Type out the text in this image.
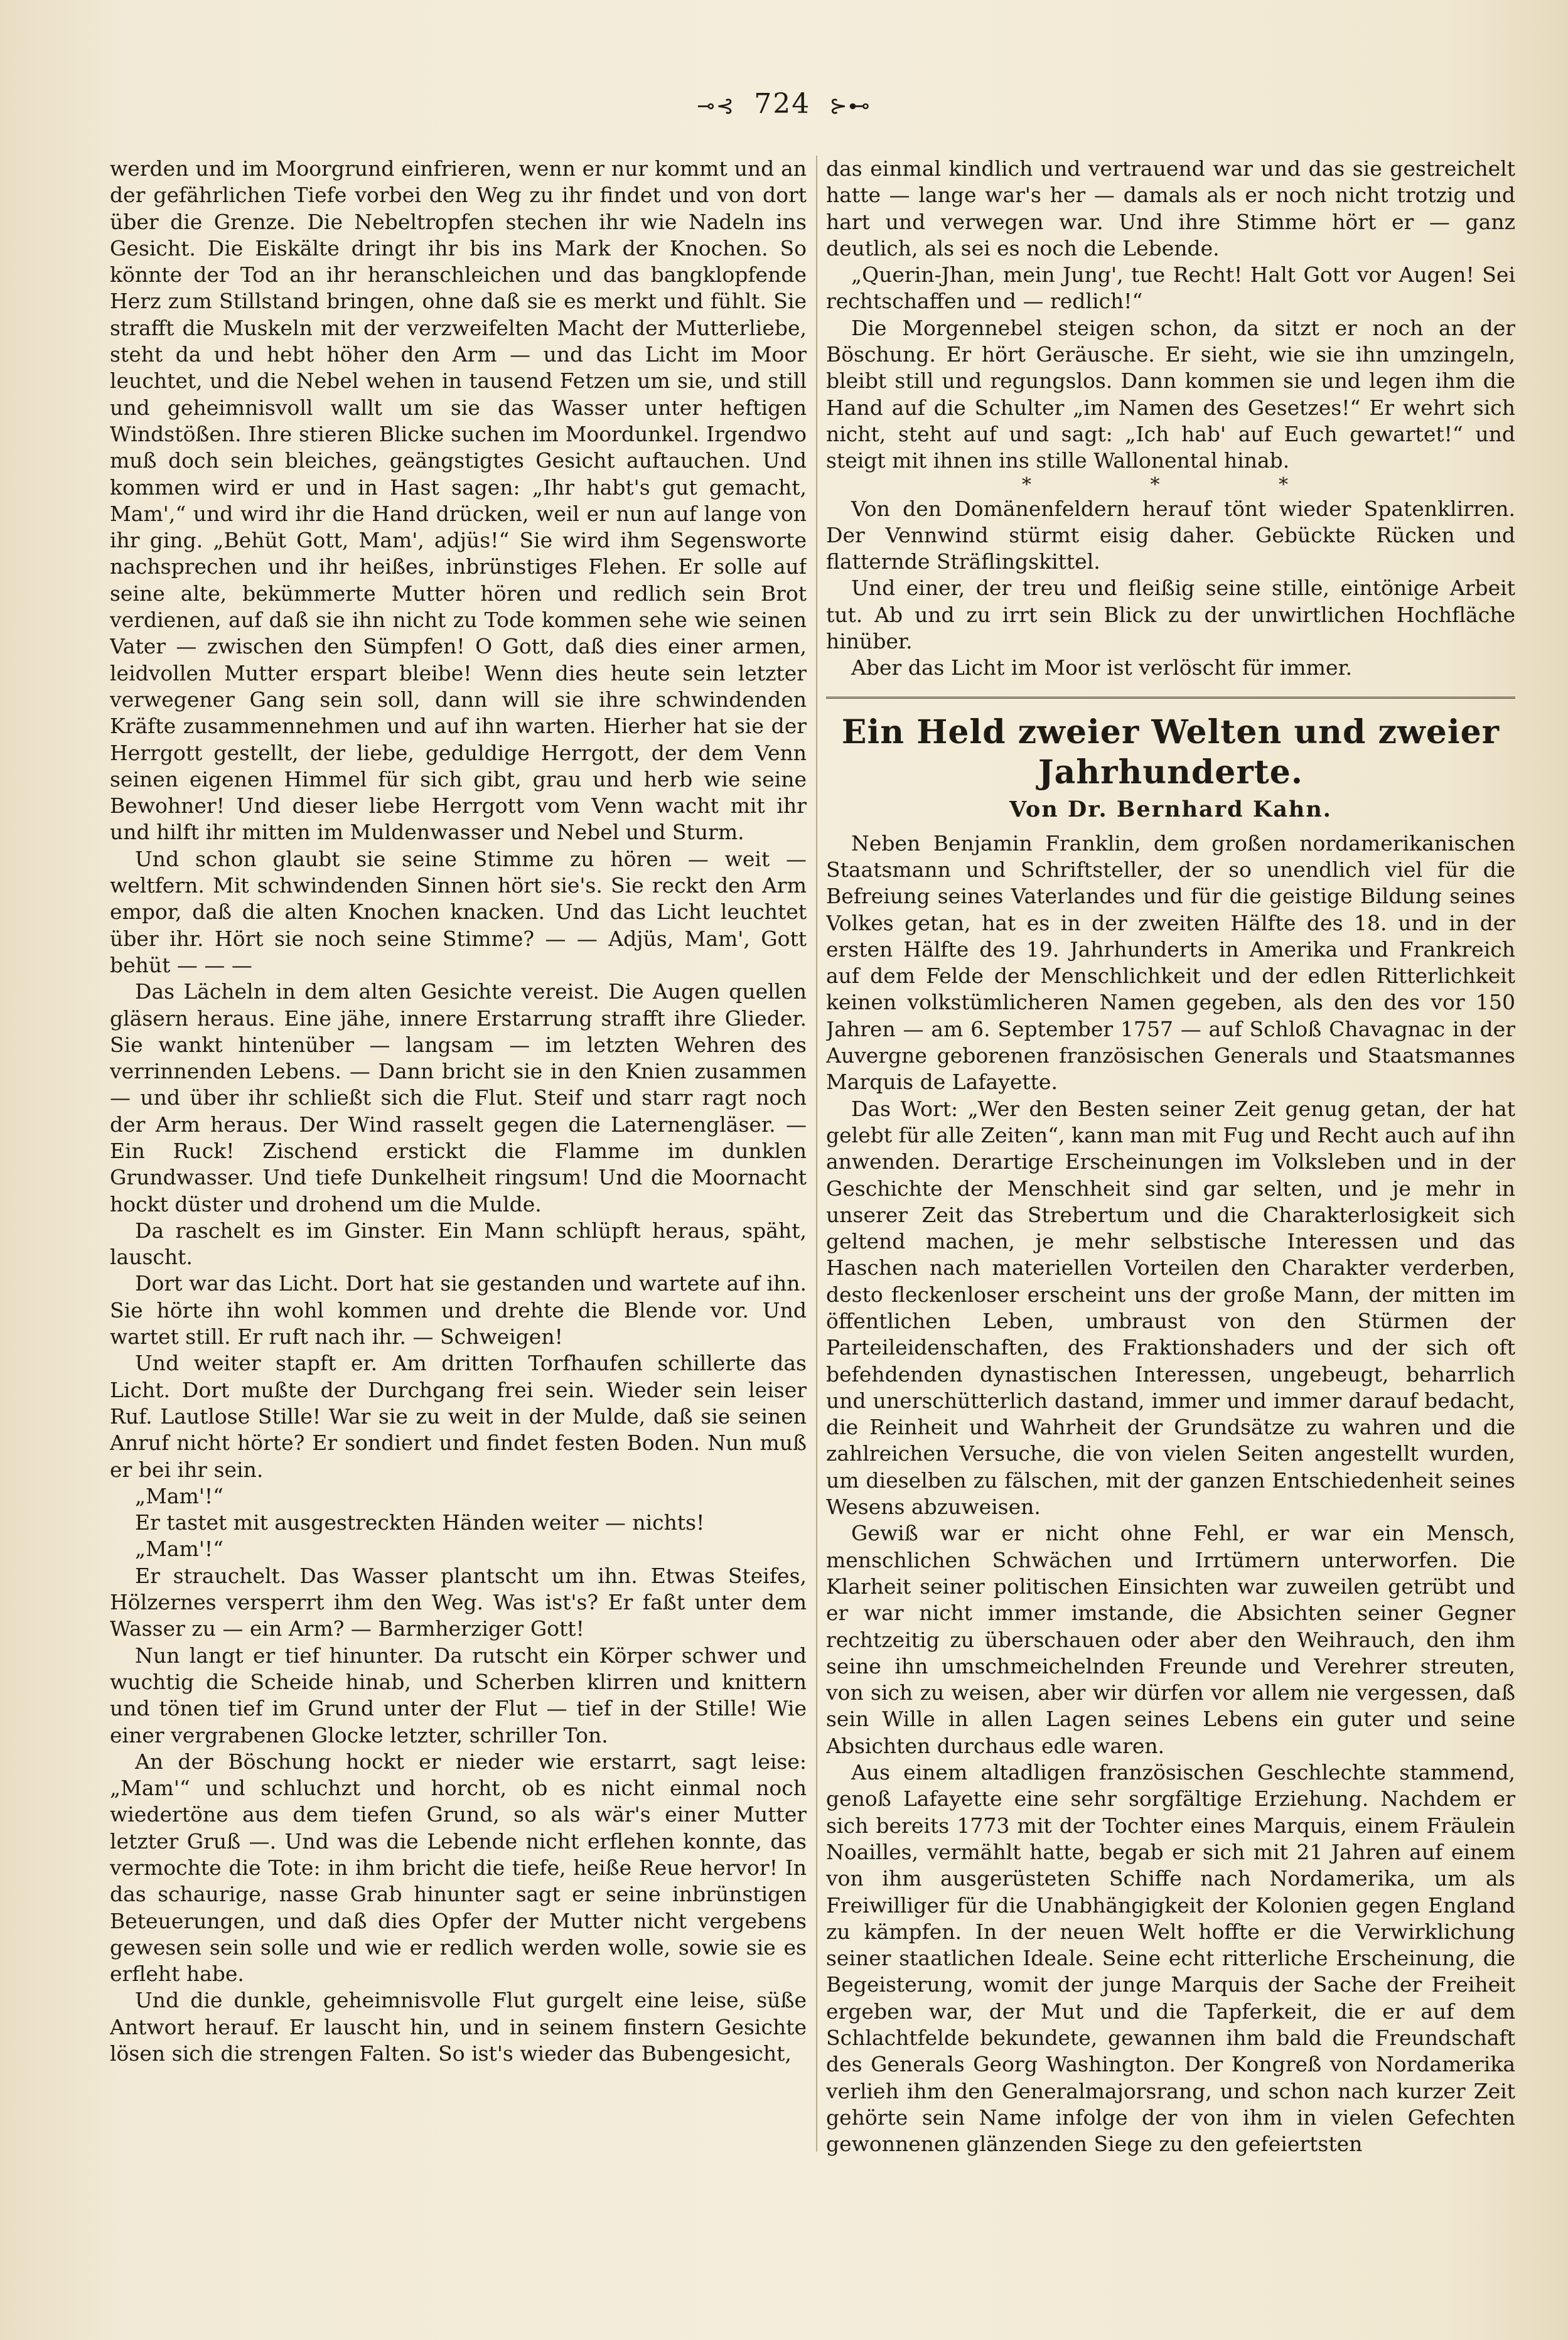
⊸⊰ 724 ⊱⊷

werden und im Moorgrund einfrieren, wenn er nur kommt und an der gefährlichen Tiefe vorbei den Weg zu ihr findet und von dort über die Grenze. Die Nebeltropfen stechen ihr wie Nadeln ins Gesicht. Die Eiskälte dringt ihr bis ins Mark der Knochen. So könnte der Tod an ihr heranschleichen und das bangklopfende Herz zum Stillstand bringen, ohne daß sie es merkt und fühlt. Sie strafft die Muskeln mit der verzweifelten Macht der Mutterliebe, steht da und hebt höher den Arm — und das Licht im Moor leuchtet, und die Nebel wehen in tausend Fetzen um sie, und still und geheimnisvoll wallt um sie das Wasser unter heftigen Windstößen. Ihre stieren Blicke suchen im Moordunkel. Irgendwo muß doch sein bleiches, geängstigtes Gesicht auftauchen. Und kommen wird er und in Hast sagen: „Ihr habt's gut gemacht, Mam',“ und wird ihr die Hand drücken, weil er nun auf lange von ihr ging. „Behüt Gott, Mam', adjüs!“ Sie wird ihm Segensworte nachsprechen und ihr heißes, inbrünstiges Flehen. Er solle auf seine alte, bekümmerte Mutter hören und redlich sein Brot verdienen, auf daß sie ihn nicht zu Tode kommen sehe wie seinen Vater — zwischen den Sümpfen! O Gott, daß dies einer armen, leidvollen Mutter erspart bleibe! Wenn dies heute sein letzter verwegener Gang sein soll, dann will sie ihre schwindenden Kräfte zusammennehmen und auf ihn warten. Hierher hat sie der Herrgott gestellt, der liebe, geduldige Herrgott, der dem Venn seinen eigenen Himmel für sich gibt, grau und herb wie seine Bewohner! Und dieser liebe Herrgott vom Venn wacht mit ihr und hilft ihr mitten im Muldenwasser und Nebel und Sturm.

Und schon glaubt sie seine Stimme zu hören — weit — weltfern. Mit schwindenden Sinnen hört sie's. Sie reckt den Arm empor, daß die alten Knochen knacken. Und das Licht leuchtet über ihr. Hört sie noch seine Stimme? — — Adjüs, Mam', Gott behüt — — —

Das Lächeln in dem alten Gesichte vereist. Die Augen quellen gläsern heraus. Eine jähe, innere Erstarrung strafft ihre Glieder. Sie wankt hintenüber — langsam — im letzten Wehren des verrinnenden Lebens. — Dann bricht sie in den Knien zusammen — und über ihr schließt sich die Flut. Steif und starr ragt noch der Arm heraus. Der Wind rasselt gegen die Laternengläser. — Ein Ruck! Zischend erstickt die Flamme im dunklen Grundwasser. Und tiefe Dunkelheit ringsum! Und die Moornacht hockt düster und drohend um die Mulde.

Da raschelt es im Ginster. Ein Mann schlüpft heraus, späht, lauscht.

Dort war das Licht. Dort hat sie gestanden und wartete auf ihn. Sie hörte ihn wohl kommen und drehte die Blende vor. Und wartet still. Er ruft nach ihr. — Schweigen!

Und weiter stapft er. Am dritten Torfhaufen schillerte das Licht. Dort mußte der Durchgang frei sein. Wieder sein leiser Ruf. Lautlose Stille! War sie zu weit in der Mulde, daß sie seinen Anruf nicht hörte? Er sondiert und findet festen Boden. Nun muß er bei ihr sein.

„Mam'!“

Er tastet mit ausgestreckten Händen weiter — nichts!

„Mam'!“

Er strauchelt. Das Wasser plantscht um ihn. Etwas Steifes, Hölzernes versperrt ihm den Weg. Was ist's? Er faßt unter dem Wasser zu — ein Arm? — Barmherziger Gott!

Nun langt er tief hinunter. Da rutscht ein Körper schwer und wuchtig die Scheide hinab, und Scherben klirren und knittern und tönen tief im Grund unter der Flut — tief in der Stille! Wie einer vergrabenen Glocke letzter, schriller Ton.

An der Böschung hockt er nieder wie erstarrt, sagt leise: „Mam'“ und schluchzt und horcht, ob es nicht einmal noch wiedertöne aus dem tiefen Grund, so als wär's einer Mutter letzter Gruß —. Und was die Lebende nicht erflehen konnte, das vermochte die Tote: in ihm bricht die tiefe, heiße Reue hervor! In das schaurige, nasse Grab hinunter sagt er seine inbrünstigen Beteuerungen, und daß dies Opfer der Mutter nicht vergebens gewesen sein solle und wie er redlich werden wolle, sowie sie es erfleht habe.

Und die dunkle, geheimnisvolle Flut gurgelt eine leise, süße Antwort herauf. Er lauscht hin, und in seinem finstern Gesichte lösen sich die strengen Falten. So ist's wieder das Bubengesicht,

das einmal kindlich und vertrauend war und das sie gestreichelt hatte — lange war's her — damals als er noch nicht trotzig und hart und verwegen war. Und ihre Stimme hört er — ganz deutlich, als sei es noch die Lebende.

„Querin-Jhan, mein Jung', tue Recht! Halt Gott vor Augen! Sei rechtschaffen und — redlich!“

Die Morgennebel steigen schon, da sitzt er noch an der Böschung. Er hört Geräusche. Er sieht, wie sie ihn umzingeln, bleibt still und regungslos. Dann kommen sie und legen ihm die Hand auf die Schulter „im Namen des Gesetzes!“ Er wehrt sich nicht, steht auf und sagt: „Ich hab' auf Euch gewartet!“ und steigt mit ihnen ins stille Wallonental hinab.

* * *

Von den Domänenfeldern herauf tönt wieder Spatenklirren. Der Vennwind stürmt eisig daher. Gebückte Rücken und flatternde Sträflingskittel.

Und einer, der treu und fleißig seine stille, eintönige Arbeit tut. Ab und zu irrt sein Blick zu der unwirtlichen Hochfläche hinüber.

Aber das Licht im Moor ist verlöscht für immer.

Ein Held zweier Welten und zweier Jahrhunderte.
Von Dr. Bernhard Kahn.

Neben Benjamin Franklin, dem großen nordamerikanischen Staatsmann und Schriftsteller, der so unendlich viel für die Befreiung seines Vaterlandes und für die geistige Bildung seines Volkes getan, hat es in der zweiten Hälfte des 18. und in der ersten Hälfte des 19. Jahrhunderts in Amerika und Frankreich auf dem Felde der Menschlichkeit und der edlen Ritterlichkeit keinen volkstümlicheren Namen gegeben, als den des vor 150 Jahren — am 6. September 1757 — auf Schloß Chavagnac in der Auvergne geborenen französischen Generals und Staatsmannes Marquis de Lafayette.

Das Wort: „Wer den Besten seiner Zeit genug getan, der hat gelebt für alle Zeiten“, kann man mit Fug und Recht auch auf ihn anwenden. Derartige Erscheinungen im Volksleben und in der Geschichte der Menschheit sind gar selten, und je mehr in unserer Zeit das Strebertum und die Charakterlosigkeit sich geltend machen, je mehr selbstische Interessen und das Haschen nach materiellen Vorteilen den Charakter verderben, desto fleckenloser erscheint uns der große Mann, der mitten im öffentlichen Leben, umbraust von den Stürmen der Parteileidenschaften, des Fraktionshaders und der sich oft befehdenden dynastischen Interessen, ungebeugt, beharrlich und unerschütterlich dastand, immer und immer darauf bedacht, die Reinheit und Wahrheit der Grundsätze zu wahren und die zahlreichen Versuche, die von vielen Seiten angestellt wurden, um dieselben zu fälschen, mit der ganzen Entschiedenheit seines Wesens abzuweisen.

Gewiß war er nicht ohne Fehl, er war ein Mensch, menschlichen Schwächen und Irrtümern unterworfen. Die Klarheit seiner politischen Einsichten war zuweilen getrübt und er war nicht immer imstande, die Absichten seiner Gegner rechtzeitig zu überschauen oder aber den Weihrauch, den ihm seine ihn umschmeichelnden Freunde und Verehrer streuten, von sich zu weisen, aber wir dürfen vor allem nie vergessen, daß sein Wille in allen Lagen seines Lebens ein guter und seine Absichten durchaus edle waren.

Aus einem altadligen französischen Geschlechte stammend, genoß Lafayette eine sehr sorgfältige Erziehung. Nachdem er sich bereits 1773 mit der Tochter eines Marquis, einem Fräulein Noailles, vermählt hatte, begab er sich mit 21 Jahren auf einem von ihm ausgerüsteten Schiffe nach Nordamerika, um als Freiwilliger für die Unabhängigkeit der Kolonien gegen England zu kämpfen. In der neuen Welt hoffte er die Verwirklichung seiner staatlichen Ideale. Seine echt ritterliche Erscheinung, die Begeisterung, womit der junge Marquis der Sache der Freiheit ergeben war, der Mut und die Tapferkeit, die er auf dem Schlachtfelde bekundete, gewannen ihm bald die Freundschaft des Generals Georg Washington. Der Kongreß von Nordamerika verlieh ihm den Generalmajorsrang, und schon nach kurzer Zeit gehörte sein Name infolge der von ihm in vielen Gefechten gewonnenen glänzenden Siege zu den gefeiertsten
